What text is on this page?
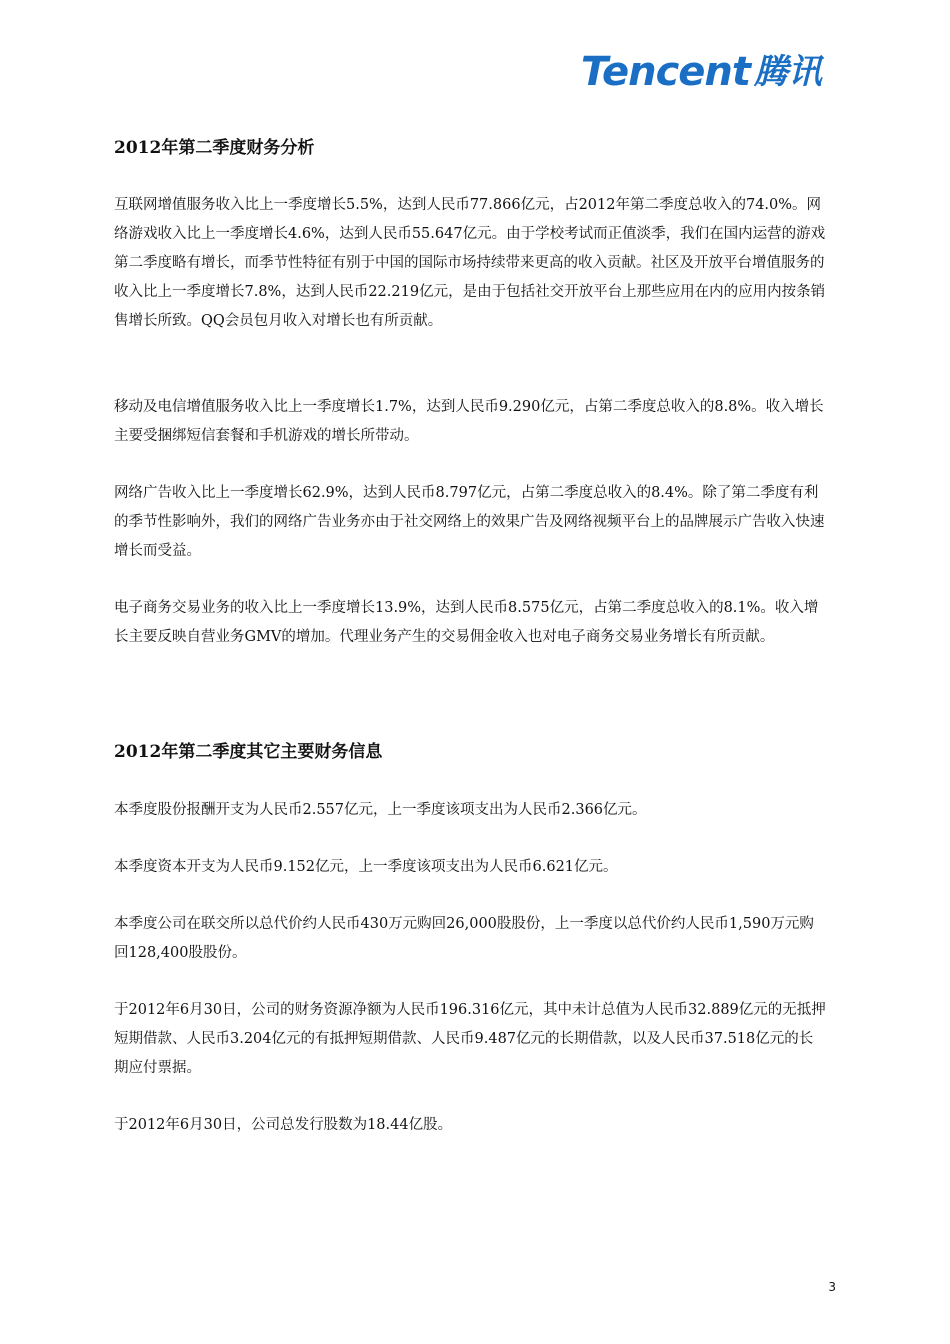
Tencent 腾讯
2012年第二季度财务分析
互联网增值服务收入比上一季度增长5.5%，达到人民币77.866亿元，占2012年第二季度总收入的74.0%。网络游戏收入比上一季度增长4.6%，达到人民币55.647亿元。由于学校考试而正值淡季，我们在国内运营的游戏第二季度略有增长，而季节性特征有别于中国的国际市场持续带来更高的收入贡献。社区及开放平台增值服务的收入比上一季度增长7.8%，达到人民币22.219亿元，是由于包括社交开放平台上那些应用在内的应用内按条销售增长所致。QQ会员包月收入对增长也有所贡献。
移动及电信增值服务收入比上一季度增长1.7%，达到人民币9.290亿元，占第二季度总收入的8.8%。收入增长主要受捆绑短信套餐和手机游戏的增长所带动。
网络广告收入比上一季度增长62.9%，达到人民币8.797亿元，占第二季度总收入的8.4%。除了第二季度有利的季节性影响外，我们的网络广告业务亦由于社交网络上的效果广告及网络视频平台上的品牌展示广告收入快速增长而受益。
电子商务交易业务的收入比上一季度增长13.9%，达到人民币8.575亿元，占第二季度总收入的8.1%。收入增长主要反映自营业务GMV的增加。代理业务产生的交易佣金收入也对电子商务交易业务增长有所贡献。
2012年第二季度其它主要财务信息
本季度股份报酬开支为人民币2.557亿元，上一季度该项支出为人民币2.366亿元。
本季度资本开支为人民币9.152亿元，上一季度该项支出为人民币6.621亿元。
本季度公司在联交所以总代价约人民币430万元购回26,000股股份，上一季度以总代价约人民币1,590万元购回128,400股股份。
于2012年6月30日，公司的财务资源净额为人民币196.316亿元，其中未计总值为人民币32.889亿元的无抵押短期借款、人民币3.204亿元的有抵押短期借款、人民币9.487亿元的长期借款，以及人民币37.518亿元的长期应付票据。
于2012年6月30日，公司总发行股数为18.44亿股。
3
